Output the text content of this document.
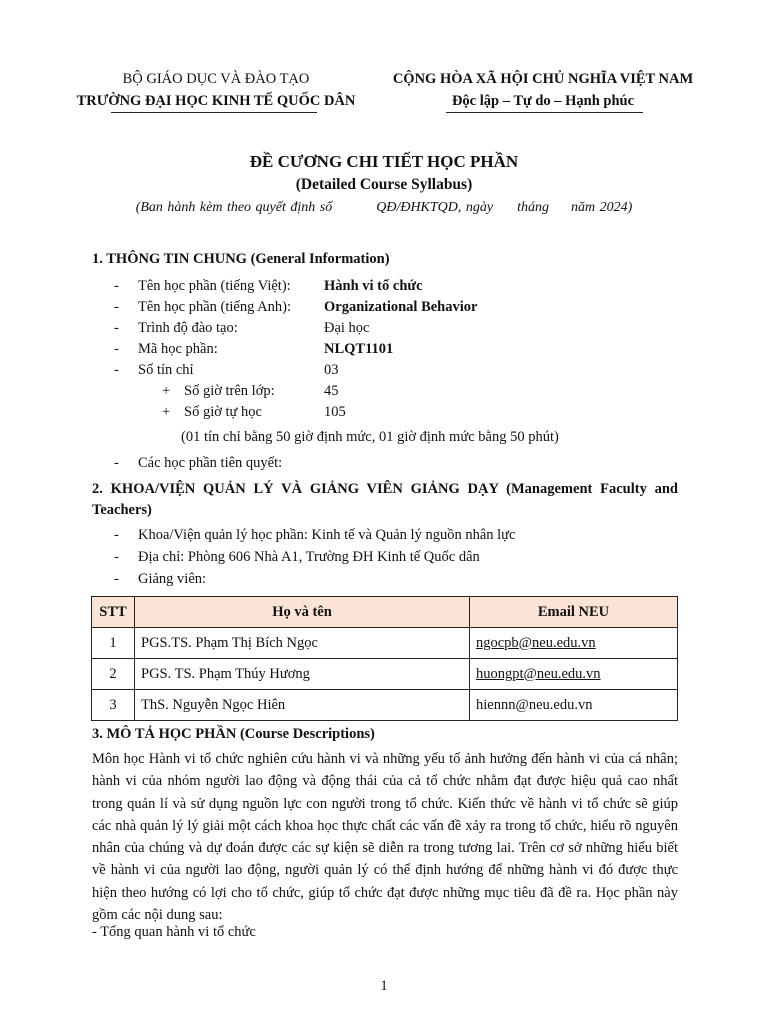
BỘ GIÁO DỤC VÀ ĐÀO TẠO
TRƯỜNG ĐẠI HỌC KINH TẾ QUỐC DÂN
CỘNG HÒA XÃ HỘI CHỦ NGHĨA VIỆT NAM
Độc lập – Tự do – Hạnh phúc
ĐỀ CƯƠNG CHI TIẾT HỌC PHẦN
(Detailed Course Syllabus)
(Ban hành kèm theo quyết định số	QĐ/ĐHKTQD, ngày tháng năm 2024)
1. THÔNG TIN CHUNG (General Information)
- Tên học phần (tiếng Việt): Hành vi tổ chức
- Tên học phần (tiếng Anh): Organizational Behavior
- Trình độ đào tạo:	Đại học
- Mã học phần:	NLQT1101
- Số tín chỉ	03
+ Số giờ trên lớp:	45
+ Số giờ tự học	105
(01 tín chỉ bằng 50 giờ định mức, 01 giờ định mức bằng 50 phút)
- Các học phần tiên quyết:
2. KHOA/VIỆN QUẢN LÝ VÀ GIẢNG VIÊN GIẢNG DẠY (Management Faculty and Teachers)
- Khoa/Viện quản lý học phần: Kinh tế và Quản lý nguồn nhân lực
- Địa chỉ: Phòng 606 Nhà A1, Trường ĐH Kinh tế Quốc dân
- Giảng viên:
STT	Họ và tên	Email NEU
1	PGS.TS. Phạm Thị Bích Ngọc	ngocpb@neu.edu.vn
2	PGS. TS. Phạm Thúy Hương	huongpt@neu.edu.vn
3	ThS. Nguyễn Ngọc Hiên	hiennn@neu.edu.vn
3. MÔ TẢ HỌC PHẦN (Course Descriptions)
Môn học Hành vi tổ chức nghiên cứu hành vi và những yếu tố ảnh hưởng đến hành vi của cá nhân; hành vi của nhóm người lao động và động thái của cả tổ chức nhằm đạt được hiệu quả cao nhất trong quản lí và sử dụng nguồn lực con người trong tổ chức. Kiến thức về hành vi tổ chức sẽ giúp các nhà quản lý lý giải một cách khoa học thực chất các vấn đề xảy ra trong tổ chức, hiểu rõ nguyên nhân của chúng và dự đoán được các sự kiện sẽ diễn ra trong tương lai. Trên cơ sở những hiểu biết về hành vi của người lao động, người quản lý có thể định hướng để những hành vi đó được thực hiện theo hướng có lợi cho tổ chức, giúp tổ chức đạt được những mục tiêu đã đề ra. Học phần này gồm các nội dung sau:
- Tổng quan hành vi tổ chức
1
